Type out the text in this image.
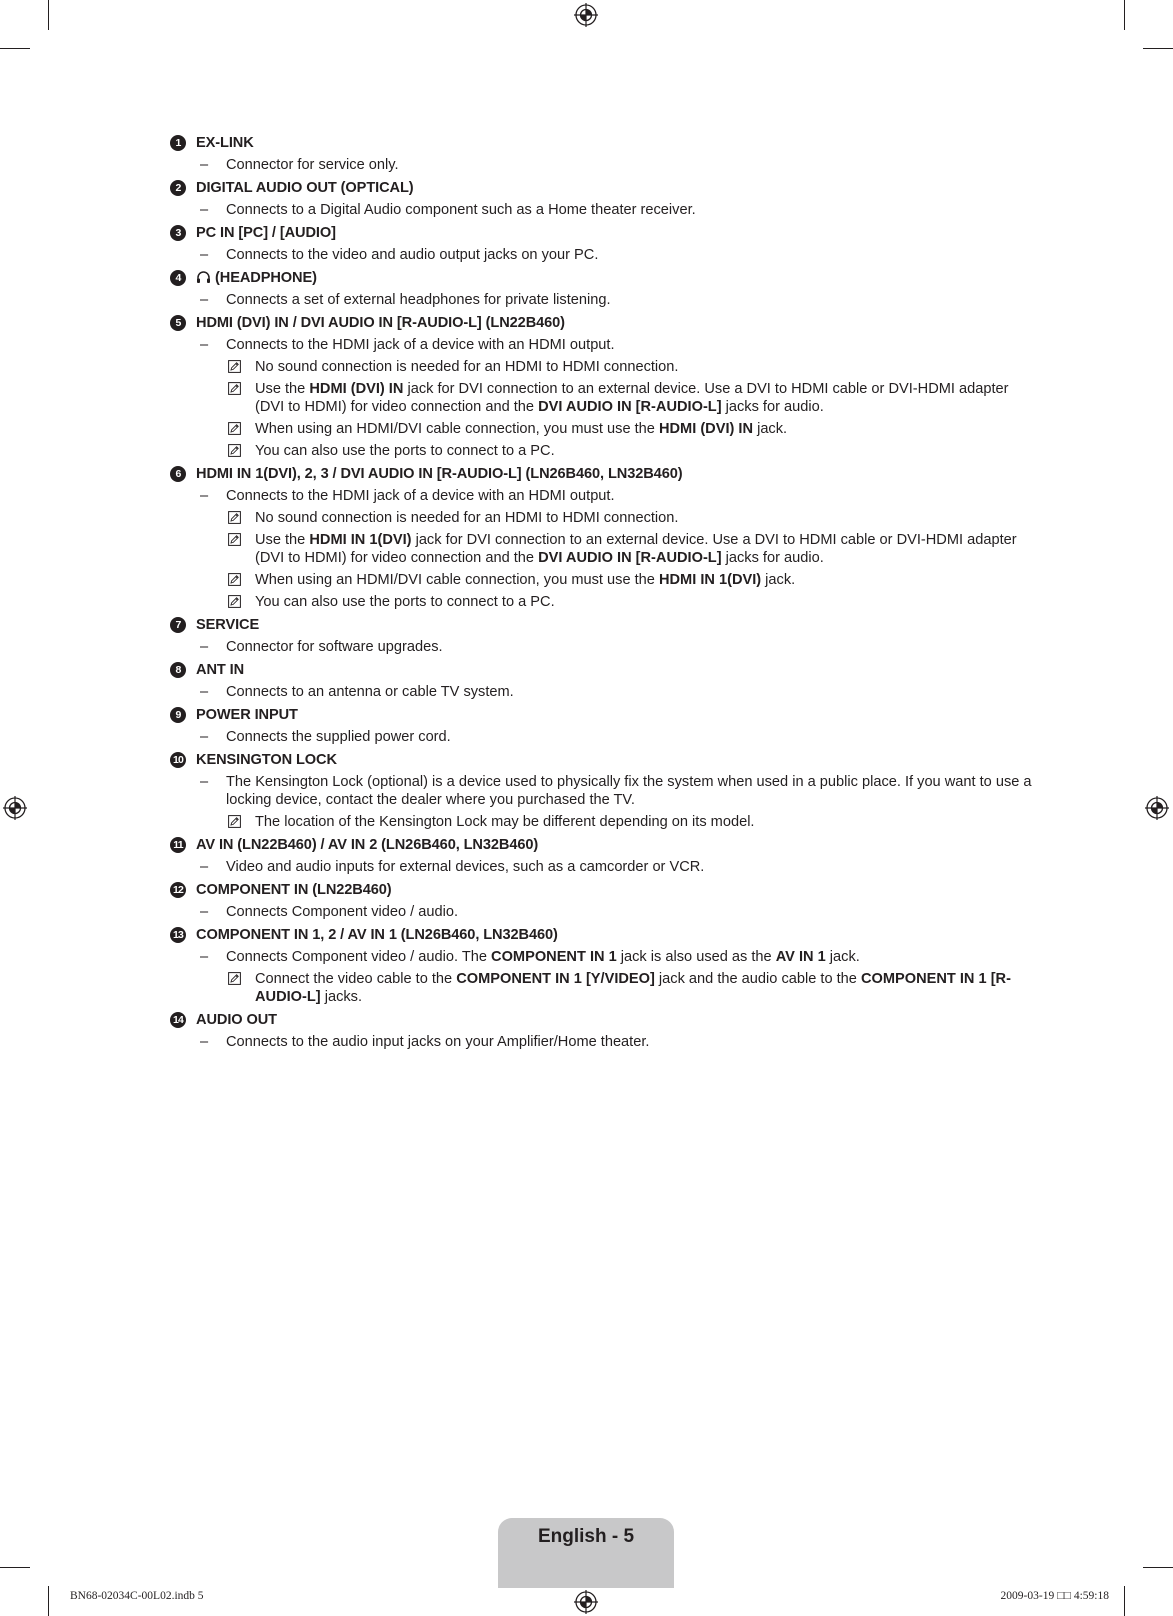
1	EX-LINK
– Connector for service only.
2	DIGITAL AUDIO OUT (OPTICAL)
– Connects to a Digital Audio component such as a Home theater receiver.
3	PC IN [PC] / [AUDIO]
– Connects to the video and audio output jacks on your PC.
4	(HEADPHONE)
– Connects a set of external headphones for private listening.
5	HDMI (DVI) IN / DVI AUDIO IN [R-AUDIO-L] (LN22B460)
– Connects to the HDMI jack of a device with an HDMI output.
No sound connection is needed for an HDMI to HDMI connection.
Use the HDMI (DVI) IN jack for DVI connection to an external device. Use a DVI to HDMI cable or DVI-HDMI adapter (DVI to HDMI) for video connection and the DVI AUDIO IN [R-AUDIO-L] jacks for audio.
When using an HDMI/DVI cable connection, you must use the HDMI (DVI) IN jack.
You can also use the ports to connect to a PC.
6	HDMI IN 1(DVI), 2, 3 / DVI AUDIO IN [R-AUDIO-L] (LN26B460, LN32B460)
– Connects to the HDMI jack of a device with an HDMI output.
No sound connection is needed for an HDMI to HDMI connection.
Use the HDMI IN 1(DVI) jack for DVI connection to an external device. Use a DVI to HDMI cable or DVI-HDMI adapter (DVI to HDMI) for video connection and the DVI AUDIO IN [R-AUDIO-L] jacks for audio.
When using an HDMI/DVI cable connection, you must use the HDMI IN 1(DVI) jack.
You can also use the ports to connect to a PC.
7	SERVICE
– Connector for software upgrades.
8	ANT IN
– Connects to an antenna or cable TV system.
9	POWER INPUT
– Connects the supplied power cord.
10 KENSINGTON LOCK
– The Kensington Lock (optional) is a device used to physically fix the system when used in a public place. If you want to use a locking device, contact the dealer where you purchased the TV.
The location of the Kensington Lock may be different depending on its model.
11 AV IN (LN22B460) / AV IN 2 (LN26B460, LN32B460)
– Video and audio inputs for external devices, such as a camcorder or VCR.
12 COMPONENT IN (LN22B460)
– Connects Component video / audio.
13 COMPONENT IN 1, 2 / AV IN 1 (LN26B460, LN32B460)
– Connects Component video / audio. The COMPONENT IN 1 jack is also used as the AV IN 1 jack.
Connect the video cable to the COMPONENT IN 1 [Y/VIDEO] jack and the audio cable to the COMPONENT IN 1 [R-AUDIO-L] jacks.
14 AUDIO OUT
– Connects to the audio input jacks on your Amplifier/Home theater.
English - 5
BN68-02034C-00L02.indb 5	2009-03-19 □□ 4:59:18
